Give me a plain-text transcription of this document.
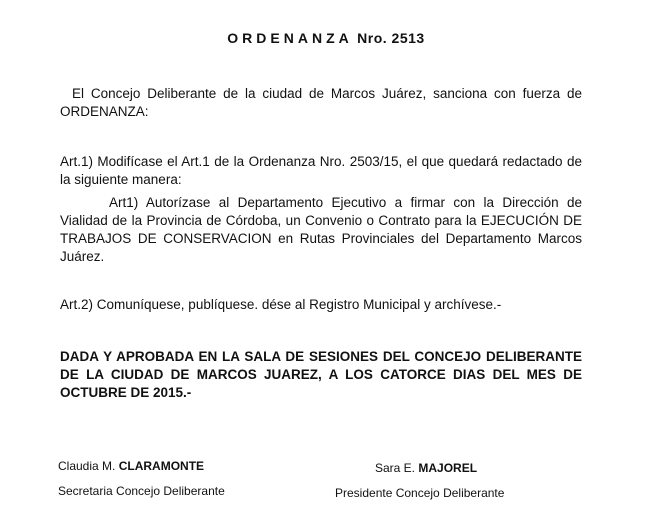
ORDENANZA Nro. 2513
El Concejo Deliberante de la ciudad de Marcos Juárez, sanciona con fuerza de ORDENANZA:
Art.1) Modifícase el Art.1 de la Ordenanza Nro. 2503/15, el que quedará redactado de la siguiente manera:
Art1) Autorízase al Departamento Ejecutivo a firmar con la Dirección de Vialidad de la Provincia de Córdoba, un Convenio o Contrato para la EJECUCIÓN DE TRABAJOS DE CONSERVACION en Rutas Provinciales del Departamento Marcos Juárez.
Art.2) Comuníquese, publíquese. dése al Registro Municipal y archívese.-
DADA Y APROBADA EN LA SALA DE SESIONES DEL CONCEJO DELIBERANTE DE LA CIUDAD DE MARCOS JUAREZ, A LOS CATORCE DIAS DEL MES DE OCTUBRE DE 2015.-
Claudia M. CLARAMONTE
Secretaria Concejo Deliberante
Sara E. MAJOREL
Presidente Concejo Deliberante
